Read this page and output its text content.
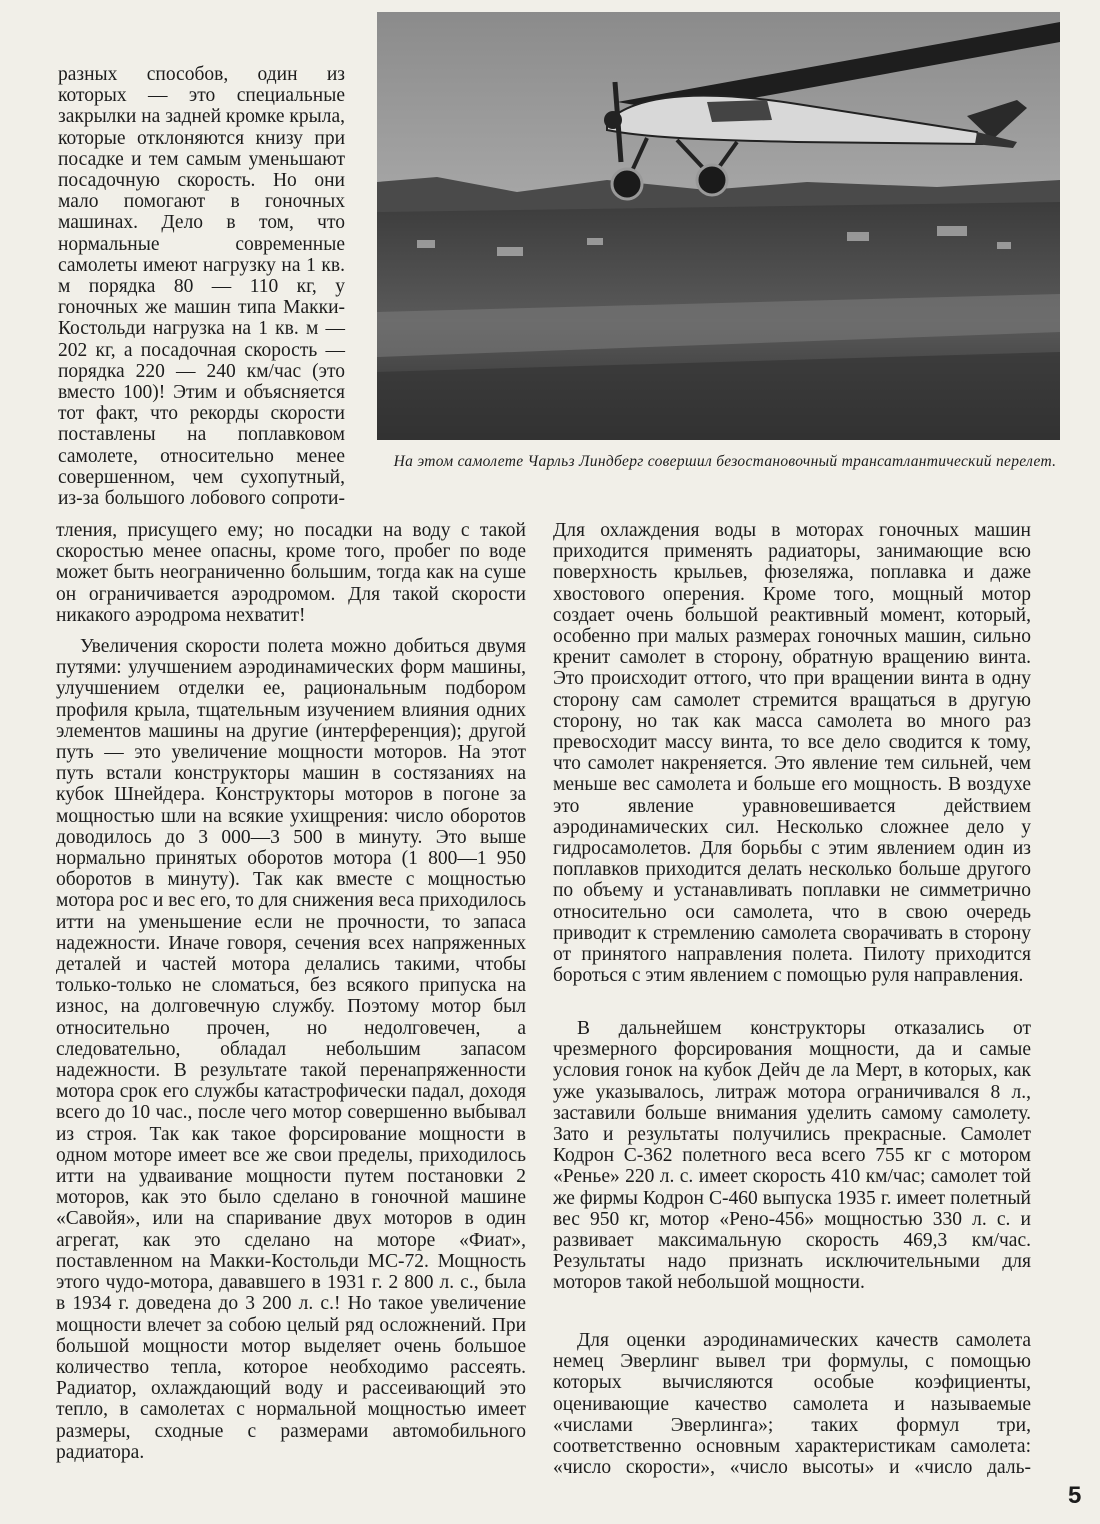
На этом самолете Чарльз Линдберг совершил безостановочный трансатлантический перелет.

разных способов, один из которых — это специальные закрылки на задней кромке крыла, которые отклоняются книзу при посадке и тем самым уменьшают посадочную скорость. Но они мало помогают в гоночных машинах. Дело в том, что нормальные современные самолеты имеют нагрузку на 1 кв. м порядка 80 — 110 кг, у гоночных же машин типа Макки-Костольди нагрузка на 1 кв. м — 202 кг, а посадочная скорость — порядка 220 — 240 км/час (это вместо 100)! Этим и объясняется тот факт, что рекорды скорости поставлены на поплавковом самолете, относительно менее совершенном, чем сухопутный, из-за большого лобового сопроти-

тления, присущего ему; но посадки на воду с такой скоростью менее опасны, кроме того, пробег по воде может быть неограниченно большим, тогда как на суше он ограничивается аэродромом. Для такой скорости никакого аэродрома нехватит!

Увеличения скорости полета можно добиться двумя путями: улучшением аэродинамических форм машины, улучшением отделки ее, рациональным подбором профиля крыла, тщательным изучением влияния одних элементов машины на другие (интерференция); другой путь — это увеличение мощности моторов. На этот путь встали конструкторы машин в состязаниях на кубок Шнейдера. Конструкторы моторов в погоне за мощностью шли на всякие ухищрения: число оборотов доводилось до 3 000—3 500 в минуту. Это выше нормально принятых оборотов мотора (1 800—1 950 оборотов в минуту). Так как вместе с мощностью мотора рос и вес его, то для снижения веса приходилось итти на уменьшение если не прочности, то запаса надежности. Иначе говоря, сечения всех напряженных деталей и частей мотора делались такими, чтобы только-только не сломаться, без всякого припуска на износ, на долговечную службу. Поэтому мотор был относительно прочен, но недолговечен, а следовательно, обладал небольшим запасом надежности. В результате такой перенапряженности мотора срок его службы катастрофически падал, доходя всего до 10 час., после чего мотор совершенно выбывал из строя. Так как такое форсирование мощности в одном моторе имеет все же свои пределы, приходилось итти на удваивание мощности путем постановки 2 моторов, как это было сделано в гоночной машине «Савойя», или на спаривание двух моторов в один агрегат, как это сделано на моторе «Фиат», поставленном на Макки-Костольди МС-72. Мощность этого чудо-мотора, дававшего в 1931 г. 2 800 л. с., была в 1934 г. доведена до 3 200 л. с.! Но такое увеличение мощности влечет за собою целый ряд осложнений. При большой мощности мотор выделяет очень большое количество тепла, которое необходимо рассеять. Радиатор, охлаждающий воду и рассеивающий это тепло, в самолетах с нормальной мощностью имеет размеры, сходные с размерами автомобильного радиатора.

Для охлаждения воды в моторах гоночных машин приходится применять радиаторы, занимающие всю поверхность крыльев, фюзеляжа, поплавка и даже хвостового оперения. Кроме того, мощный мотор создает очень большой реактивный момент, который, особенно при малых размерах гоночных машин, сильно кренит самолет в сторону, обратную вращению винта. Это происходит оттого, что при вращении винта в одну сторону сам самолет стремится вращаться в другую сторону, но так как масса самолета во много раз превосходит массу винта, то все дело сводится к тому, что самолет накреняется. Это явление тем сильней, чем меньше вес самолета и больше его мощность. В воздухе это явление уравновешивается действием аэродинамических сил. Несколько сложнее дело у гидросамолетов. Для борьбы с этим явлением один из поплавков приходится делать несколько больше другого по объему и устанавливать поплавки не симметрично относительно оси самолета, что в свою очередь приводит к стремлению самолета сворачивать в сторону от принятого направления полета. Пилоту приходится бороться с этим явлением с помощью руля направления.

В дальнейшем конструкторы отказались от чрезмерного форсирования мощности, да и самые условия гонок на кубок Дейч де ла Мерт, в которых, как уже указывалось, литраж мотора ограничивался 8 л., заставили больше внимания уделить самому самолету. Зато и результаты получились прекрасные. Самолет Кодрон С-362 полетного веса всего 755 кг с мотором «Ренье» 220 л. с. имеет скорость 410 км/час; самолет той же фирмы Кодрон С-460 выпуска 1935 г. имеет полетный вес 950 кг, мотор «Рено-456» мощностью 330 л. с. и развивает максимальную скорость 469,3 км/час. Результаты надо признать исключительными для моторов такой небольшой мощности.

Для оценки аэродинамических качеств самолета немец Эверлинг вывел три формулы, с помощью которых вычисляются особые коэфициенты, оценивающие качество самолета и называемые «числами Эверлинга»; таких формул три, соответственно основным характеристикам самолета: «число скорости», «число высоты» и «число даль-

5
